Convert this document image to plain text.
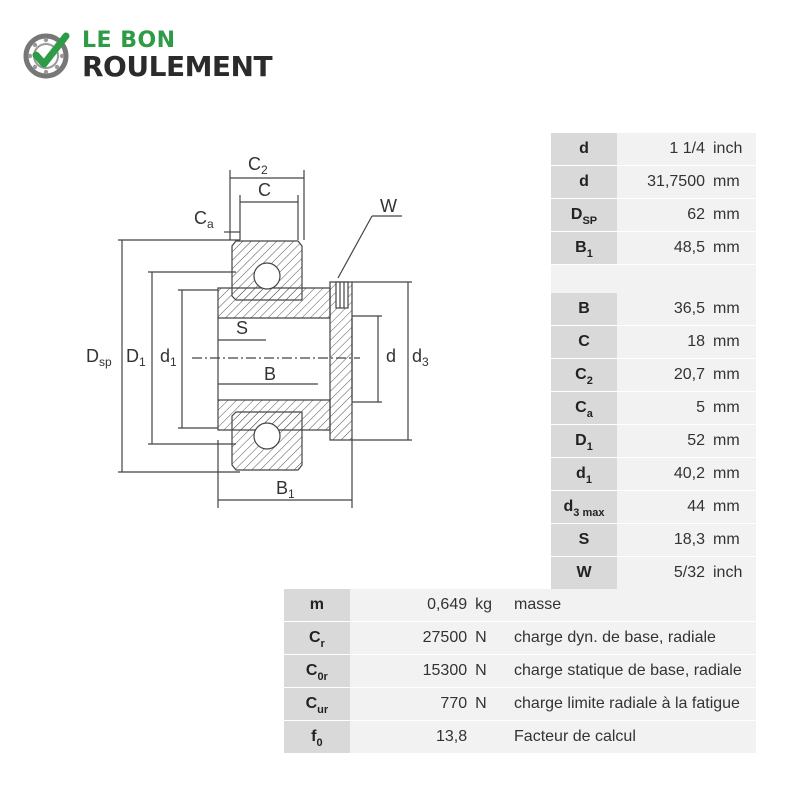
LE BON
ROULEMENT
$C_2$
C
$C_a$
W
$D_{sp}$ $D_1$ $d_1$
S
B
d $d_3$
$B_1$
d	1 1/4	inch
d	31,7500	mm
$D_{SP}$	62	mm
$B_1$	48,5	mm
B	36,5	mm
C	18	mm
$C_2$	20,7	mm
$C_a$	5	mm
$D_1$	52	mm
$d_1$	40,2	mm
$d_{3 max}$	44	mm
S	18,3	mm
W	5/32	inch
m	0,649	kg	masse
$C_r$	27500	N	charge dyn. de base, radiale
$C_{0r}$	15300	N	charge statique de base, radiale
$C_{ur}$	770	N	charge limite radiale à la fatigue
$f_0$	13,8		Facteur de calcul
